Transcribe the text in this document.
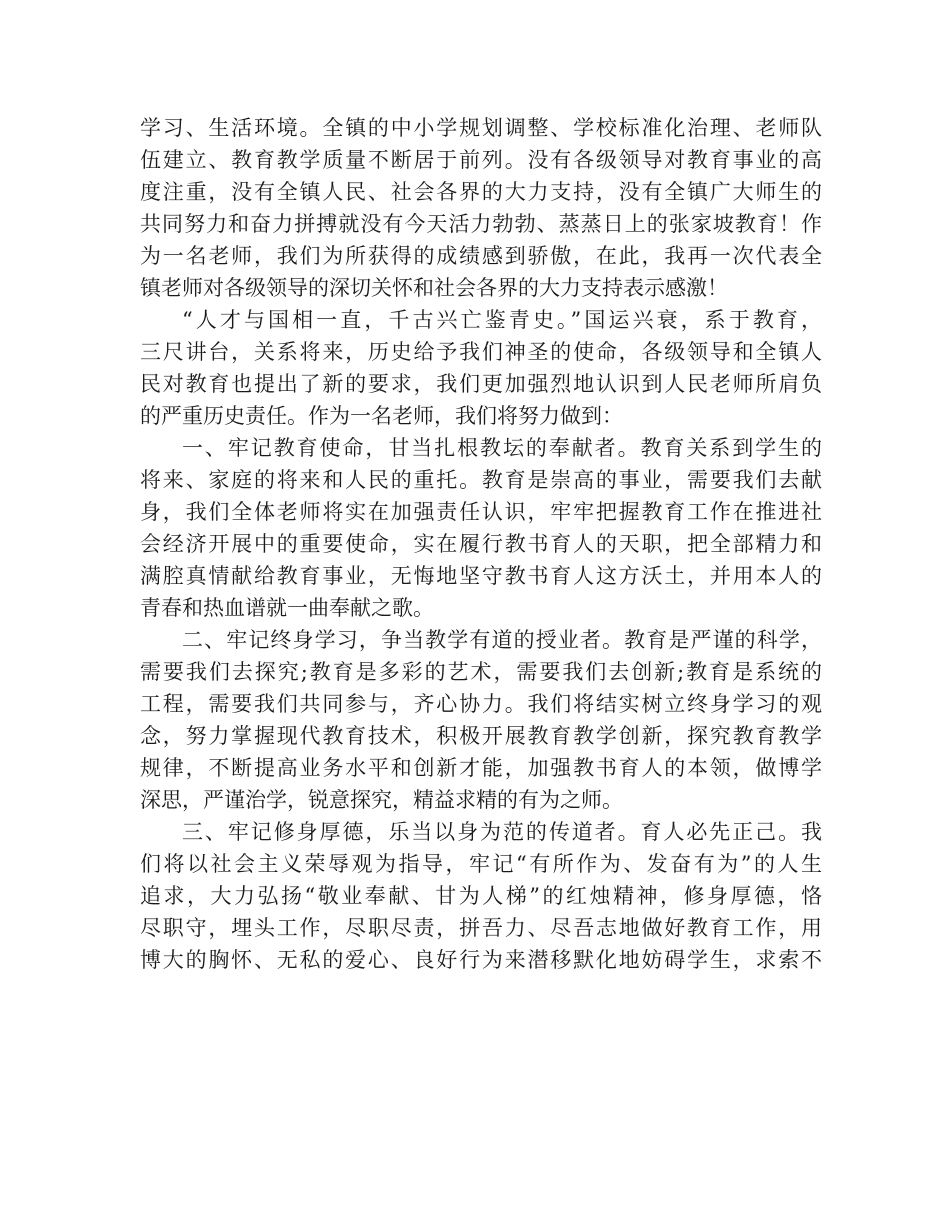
学习、生活环境。全镇的中小学规划调整、学校标准化治理、老师队
伍建立、教育教学质量不断居于前列。没有各级领导对教育事业的高
度注重，没有全镇人民、社会各界的大力支持，没有全镇广大师生的
共同努力和奋力拼搏就没有今天活力勃勃、蒸蒸日上的张家坡教育！作
为一名老师，我们为所获得的成绩感到骄傲，在此，我再一次代表全
镇老师对各级领导的深切关怀和社会各界的大力支持表示感激！
“人才与国相一直，千古兴亡鉴青史。”国运兴衰，系于教育，
三尺讲台，关系将来，历史给予我们神圣的使命，各级领导和全镇人
民对教育也提出了新的要求，我们更加强烈地认识到人民老师所肩负
的严重历史责任。作为一名老师，我们将努力做到：
一、牢记教育使命，甘当扎根教坛的奉献者。教育关系到学生的
将来、家庭的将来和人民的重托。教育是崇高的事业，需要我们去献
身，我们全体老师将实在加强责任认识，牢牢把握教育工作在推进社
会经济开展中的重要使命，实在履行教书育人的天职，把全部精力和
满腔真情献给教育事业，无悔地坚守教书育人这方沃土，并用本人的
青春和热血谱就一曲奉献之歌。
二、牢记终身学习，争当教学有道的授业者。教育是严谨的科学，
需要我们去探究;教育是多彩的艺术，需要我们去创新;教育是系统的
工程，需要我们共同参与，齐心协力。我们将结实树立终身学习的观
念，努力掌握现代教育技术，积极开展教育教学创新，探究教育教学
规律，不断提高业务水平和创新才能，加强教书育人的本领，做博学
深思，严谨治学，锐意探究，精益求精的有为之师。
三、牢记修身厚德，乐当以身为范的传道者。育人必先正己。我
们将以社会主义荣辱观为指导，牢记“有所作为、发奋有为”的人生
追求，大力弘扬“敬业奉献、甘为人梯”的红烛精神，修身厚德，恪
尽职守，埋头工作，尽职尽责，拼吾力、尽吾志地做好教育工作，用
博大的胸怀、无私的爱心、良好行为来潜移默化地妨碍学生，求索不
